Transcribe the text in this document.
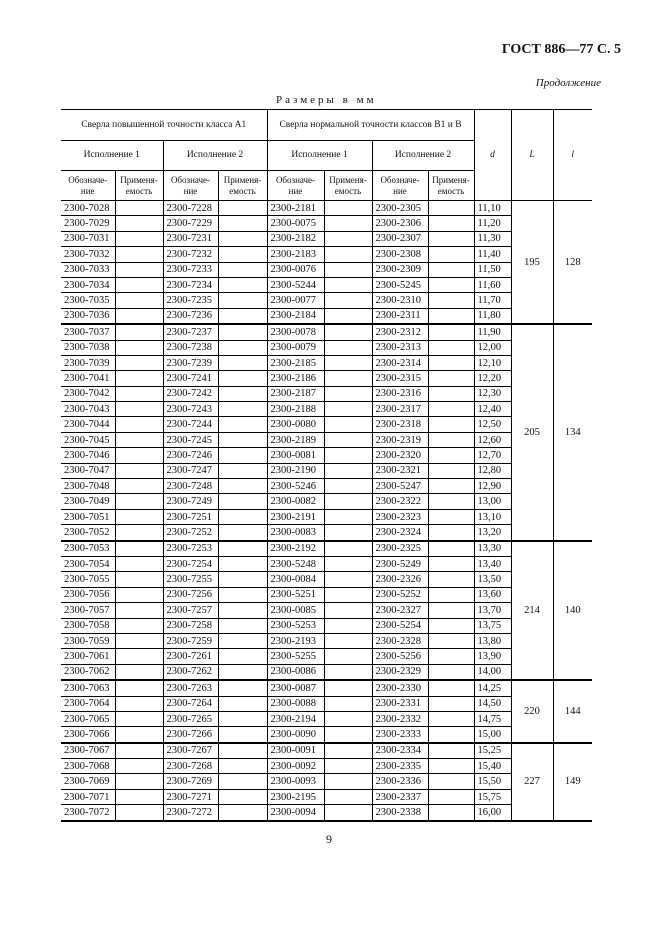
ГОСТ 886—77 С. 5
Продолжение
Размеры в мм
Сверла повышенной точности класса А1				Сверла нормальной точности классов В1 и В				d	L	l
Исполнение 1		Исполнение 2		Исполнение 1		Исполнение 2				
Обозначе- ние	Применя- емость	Обозначе- ние	Применя- емость	Обозначе- ние	Применя- емость	Обозначе- ние	Применя- емость			
2300-7028		2300-7228		2300-2181		2300-2305		11,10	195	128
2300-7029		2300-7229		2300-0075		2300-2306		11,20		
2300-7031		2300-7231		2300-2182		2300-2307		11,30		
2300-7032		2300-7232		2300-2183		2300-2308		11,40		
2300-7033		2300-7233		2300-0076		2300-2309		11,50		
2300-7034		2300-7234		2300-5244		2300-5245		11,60		
2300-7035		2300-7235		2300-0077		2300-2310		11,70		
2300-7036		2300-7236		2300-2184		2300-2311		11,80		
2300-7037		2300-7237		2300-0078		2300-2312		11,90	205	134
2300-7038		2300-7238		2300-0079		2300-2313		12,00		
2300-7039		2300-7239		2300-2185		2300-2314		12,10		
2300-7041		2300-7241		2300-2186		2300-2315		12,20		
2300-7042		2300-7242		2300-2187		2300-2316		12,30		
2300-7043		2300-7243		2300-2188		2300-2317		12,40		
2300-7044		2300-7244		2300-0080		2300-2318		12,50		
2300-7045		2300-7245		2300-2189		2300-2319		12,60		
2300-7046		2300-7246		2300-0081		2300-2320		12,70		
2300-7047		2300-7247		2300-2190		2300-2321		12,80		
2300-7048		2300-7248		2300-5246		2300-5247		12,90		
2300-7049		2300-7249		2300-0082		2300-2322		13,00		
2300-7051		2300-7251		2300-2191		2300-2323		13,10		
2300-7052		2300-7252		2300-0083		2300-2324		13,20		
2300-7053		2300-7253		2300-2192		2300-2325		13,30	214	140
2300-7054		2300-7254		2300-5248		2300-5249		13,40		
2300-7055		2300-7255		2300-0084		2300-2326		13,50		
2300-7056		2300-7256		2300-5251		2300-5252		13,60		
2300-7057		2300-7257		2300-0085		2300-2327		13,70		
2300-7058		2300-7258		2300-5253		2300-5254		13,75		
2300-7059		2300-7259		2300-2193		2300-2328		13,80		
2300-7061		2300-7261		2300-5255		2300-5256		13,90		
2300-7062		2300-7262		2300-0086		2300-2329		14,00		
2300-7063		2300-7263		2300-0087		2300-2330		14,25	220	144
2300-7064		2300-7264		2300-0088		2300-2331		14,50		
2300-7065		2300-7265		2300-2194		2300-2332		14,75		
2300-7066		2300-7266		2300-0090		2300-2333		15,00		
2300-7067		2300-7267		2300-0091		2300-2334		15,25	227	149
2300-7068		2300-7268		2300-0092		2300-2335		15,40		
2300-7069		2300-7269		2300-0093		2300-2336		15,50		
2300-7071		2300-7271		2300-2195		2300-2337		15,75		
2300-7072		2300-7272		2300-0094		2300-2338		16,00		
9
